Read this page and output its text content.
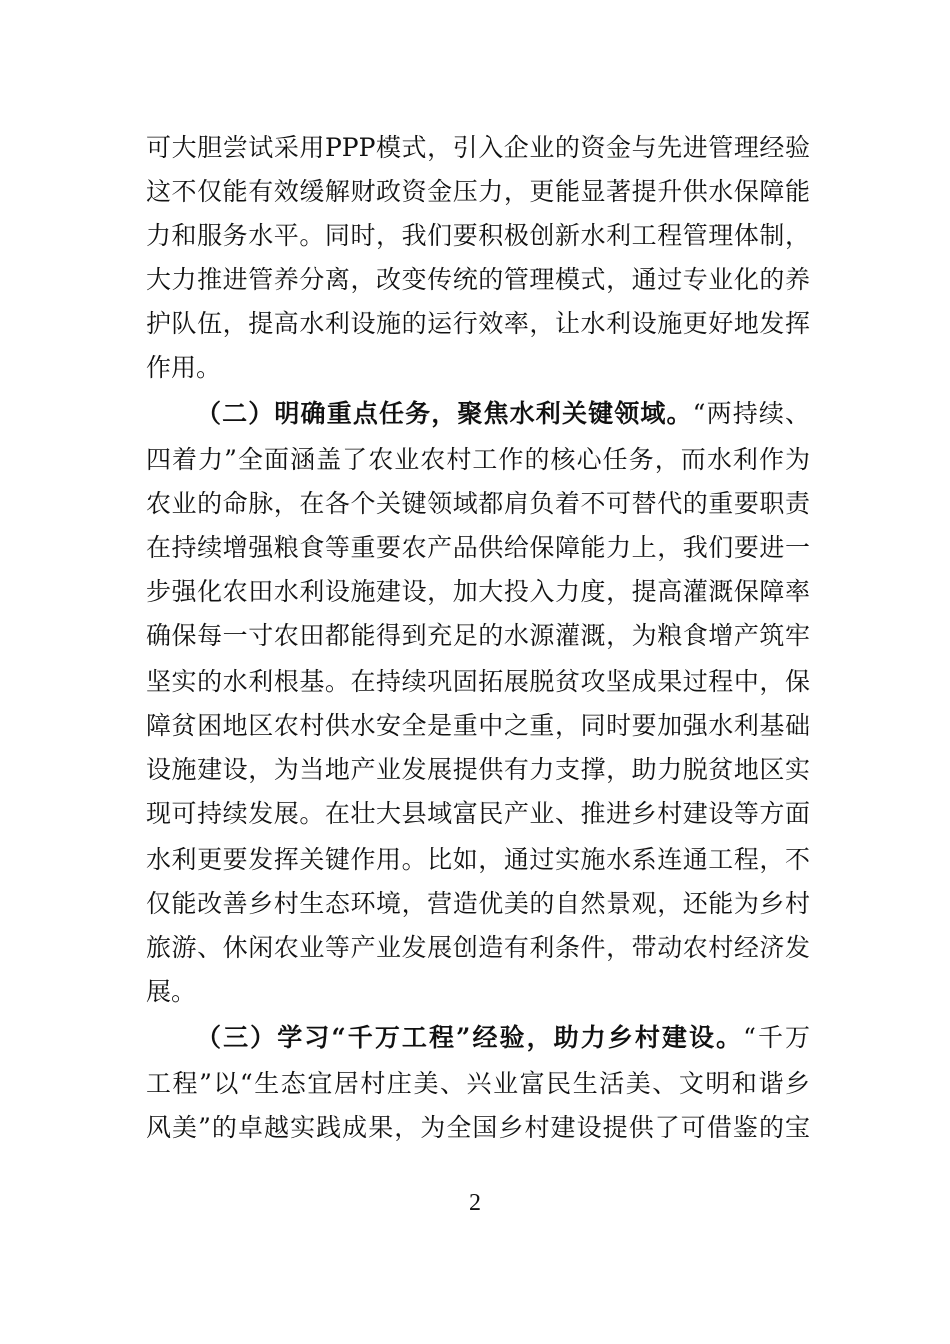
可大胆尝试采用PPP模式，引入企业的资金与先进管理经验
这不仅能有效缓解财政资金压力，更能显著提升供水保障能
力和服务水平。同时，我们要积极创新水利工程管理体制，
大力推进管养分离，改变传统的管理模式，通过专业化的养
护队伍，提高水利设施的运行效率，让水利设施更好地发挥
作用。
（二）明确重点任务，聚焦水利关键领域。“两持续、
四着力”全面涵盖了农业农村工作的核心任务，而水利作为
农业的命脉，在各个关键领域都肩负着不可替代的重要职责
在持续增强粮食等重要农产品供给保障能力上，我们要进一
步强化农田水利设施建设，加大投入力度，提高灌溉保障率
确保每一寸农田都能得到充足的水源灌溉，为粮食增产筑牢
坚实的水利根基。在持续巩固拓展脱贫攻坚成果过程中，保
障贫困地区农村供水安全是重中之重，同时要加强水利基础
设施建设，为当地产业发展提供有力支撑，助力脱贫地区实
现可持续发展。在壮大县域富民产业、推进乡村建设等方面
水利更要发挥关键作用。比如，通过实施水系连通工程，不
仅能改善乡村生态环境，营造优美的自然景观，还能为乡村
旅游、休闲农业等产业发展创造有利条件，带动农村经济发
展。
（三）学习“千万工程”经验，助力乡村建设。“千万
工程”以“生态宜居村庄美、兴业富民生活美、文明和谐乡
风美”的卓越实践成果，为全国乡村建设提供了可借鉴的宝
2
